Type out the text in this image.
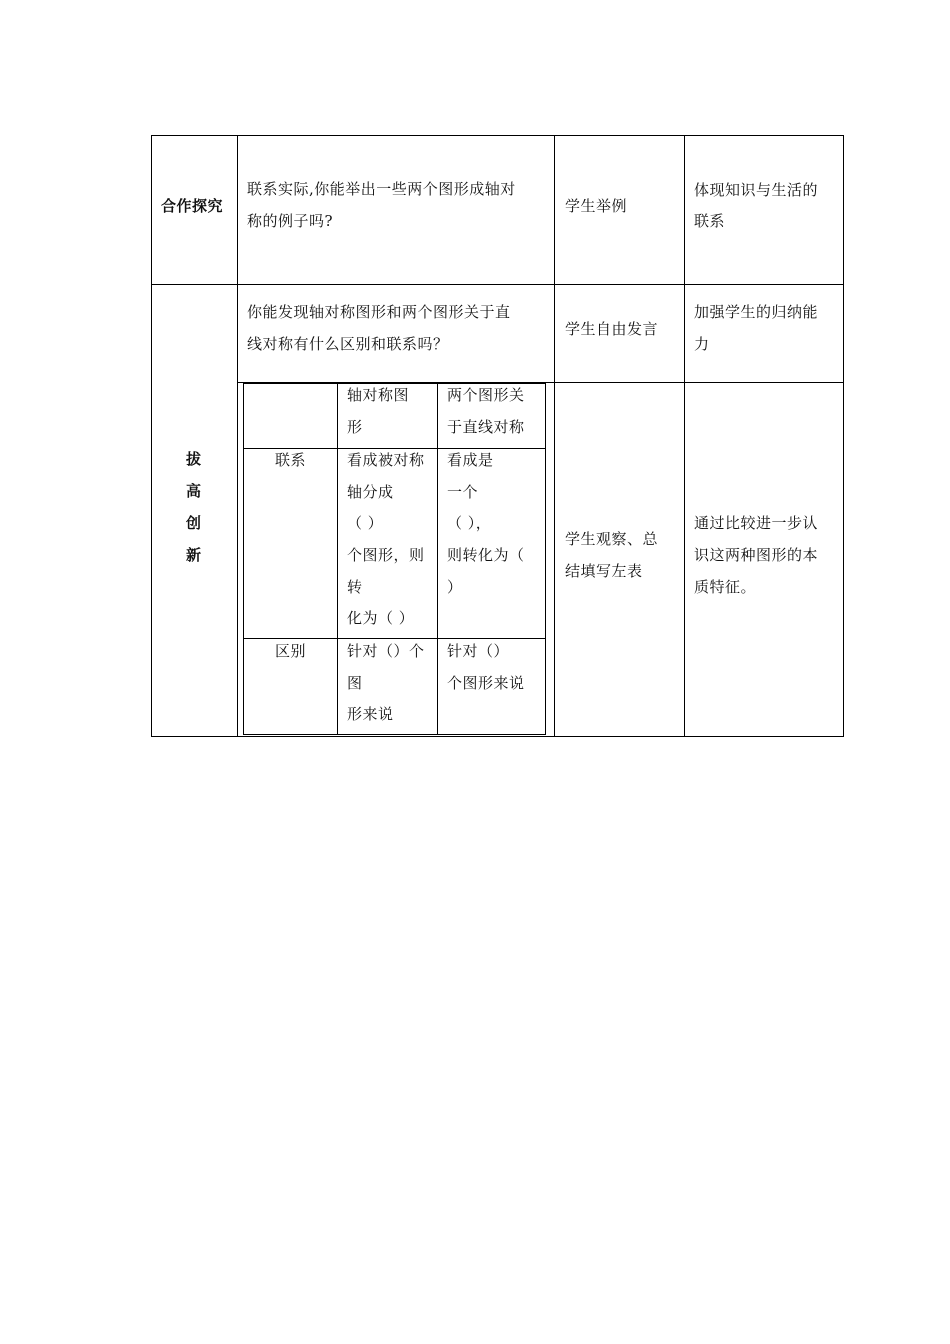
合作探究
联系实际,你能举出一些两个图形成轴对
称的例子吗?
学生举例
体现知识与生活的
联系
拔
高
创
新
你能发现轴对称图形和两个图形关于直
线对称有什么区别和联系吗？
学生自由发言
加强学生的归纳能
力
学生观察、总
结填写左表
通过比较进一步认
识这两种图形的本
质特征。
轴对称图
形
两个图形关
于直线对称
联系	看成被对称
轴分成
（ ）
个图形，则
转
化为（ ）
看成是
一个
（ ），
则转化为（
）
区别	针对（）个
图
形来说
针对（）
个图形来说
